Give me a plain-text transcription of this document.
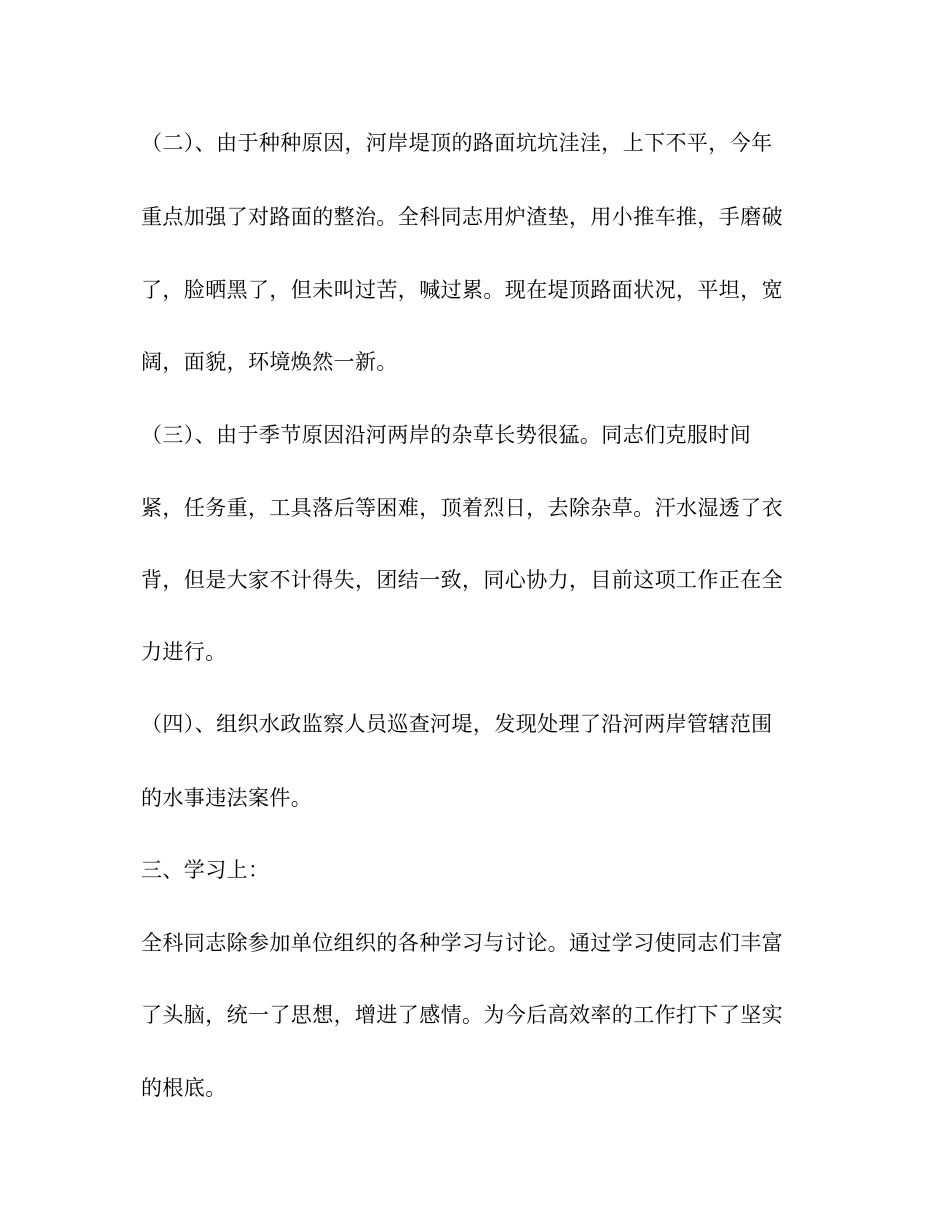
（二）、由于种种原因，河岸堤顶的路面坑坑洼洼，上下不平，今年
重点加强了对路面的整治。全科同志用炉渣垫，用小推车推，手磨破
了，脸晒黑了，但未叫过苦，喊过累。现在堤顶路面状况，平坦，宽
阔，面貌，环境焕然一新。
（三）、由于季节原因沿河两岸的杂草长势很猛。同志们克服时间
紧，任务重，工具落后等困难，顶着烈日，去除杂草。汗水湿透了衣
背，但是大家不计得失，团结一致，同心协力，目前这项工作正在全
力进行。
（四）、组织水政监察人员巡查河堤，发现处理了沿河两岸管辖范围
的水事违法案件。
三、学习上：
全科同志除参加单位组织的各种学习与讨论。通过学习使同志们丰富
了头脑，统一了思想，增进了感情。为今后高效率的工作打下了坚实
的根底。
